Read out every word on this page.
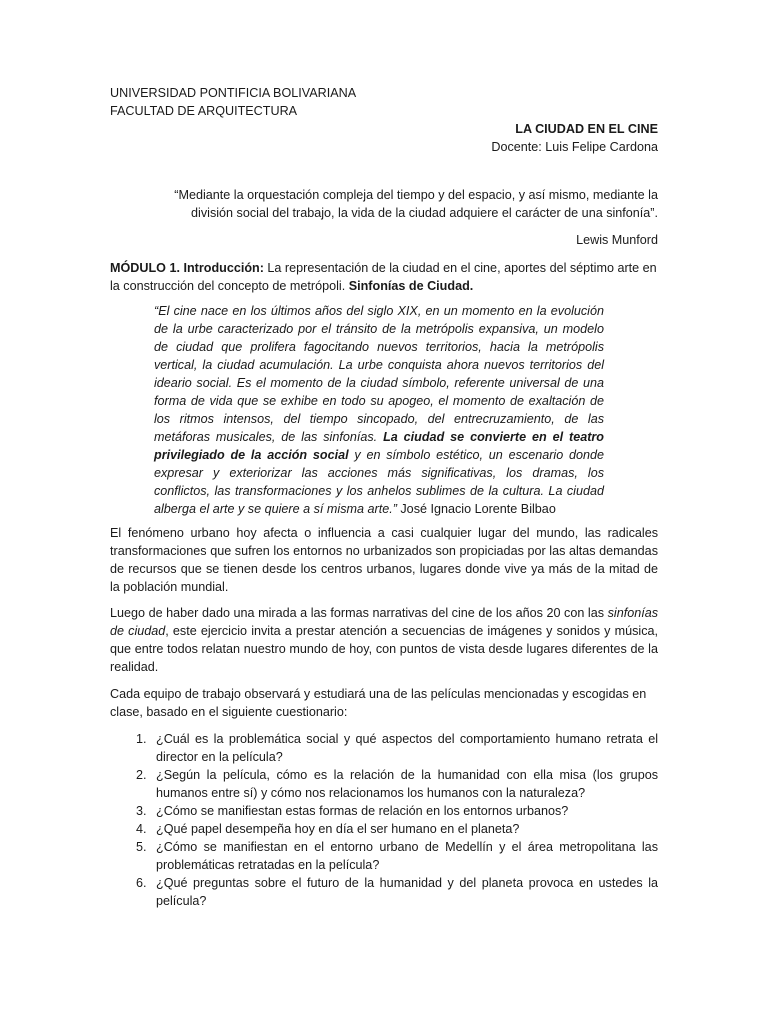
UNIVERSIDAD PONTIFICIA BOLIVARIANA
FACULTAD DE ARQUITECTURA
LA CIUDAD EN EL CINE
Docente: Luis Felipe Cardona
“Mediante la orquestación compleja del tiempo y del espacio, y así mismo, mediante la división social del trabajo, la vida de la ciudad adquiere el carácter de una sinfonía”.
Lewis Munford
MÓDULO 1. Introducción: La representación de la ciudad en el cine, aportes del séptimo arte en la construcción del concepto de metrópoli. Sinfonías de Ciudad.
“El cine nace en los últimos años del siglo XIX, en un momento en la evolución de la urbe caracterizado por el tránsito de la metrópolis expansiva, un modelo de ciudad que prolifera fagocitando nuevos territorios, hacia la metrópolis vertical, la ciudad acumulación. La urbe conquista ahora nuevos territorios del ideario social. Es el momento de la ciudad símbolo, referente universal de una forma de vida que se exhibe en todo su apogeo, el momento de exaltación de los ritmos intensos, del tiempo sincopado, del entrecruzamiento, de las metáforas musicales, de las sinfonías. La ciudad se convierte en el teatro privilegiado de la acción social y en símbolo estético, un escenario donde expresar y exteriorizar las acciones más significativas, los dramas, los conflictos, las transformaciones y los anhelos sublimes de la cultura. La ciudad alberga el arte y se quiere a sí misma arte.” José Ignacio Lorente Bilbao
El fenómeno urbano hoy afecta o influencia a casi cualquier lugar del mundo, las radicales transformaciones que sufren los entornos no urbanizados son propiciadas por las altas demandas de recursos que se tienen desde los centros urbanos, lugares donde vive ya más de la mitad de la población mundial.
Luego de haber dado una mirada a las formas narrativas del cine de los años 20 con las sinfonías de ciudad, este ejercicio invita a prestar atención a secuencias de imágenes y sonidos y música, que entre todos relatan nuestro mundo de hoy, con puntos de vista desde lugares diferentes de la realidad.
Cada equipo de trabajo observará y estudiará una de las películas mencionadas y escogidas en clase, basado en el siguiente cuestionario:
1. ¿Cuál es la problemática social y qué aspectos del comportamiento humano retrata el director en la película?
2. ¿Según la película, cómo es la relación de la humanidad con ella misa (los grupos humanos entre sí) y cómo nos relacionamos los humanos con la naturaleza?
3. ¿Cómo se manifiestan estas formas de relación en los entornos urbanos?
4. ¿Qué papel desempeña hoy en día el ser humano en el planeta?
5. ¿Cómo se manifiestan en el entorno urbano de Medellín y el área metropolitana las problemáticas retratadas en la película?
6. ¿Qué preguntas sobre el futuro de la humanidad y del planeta provoca en ustedes la película?
